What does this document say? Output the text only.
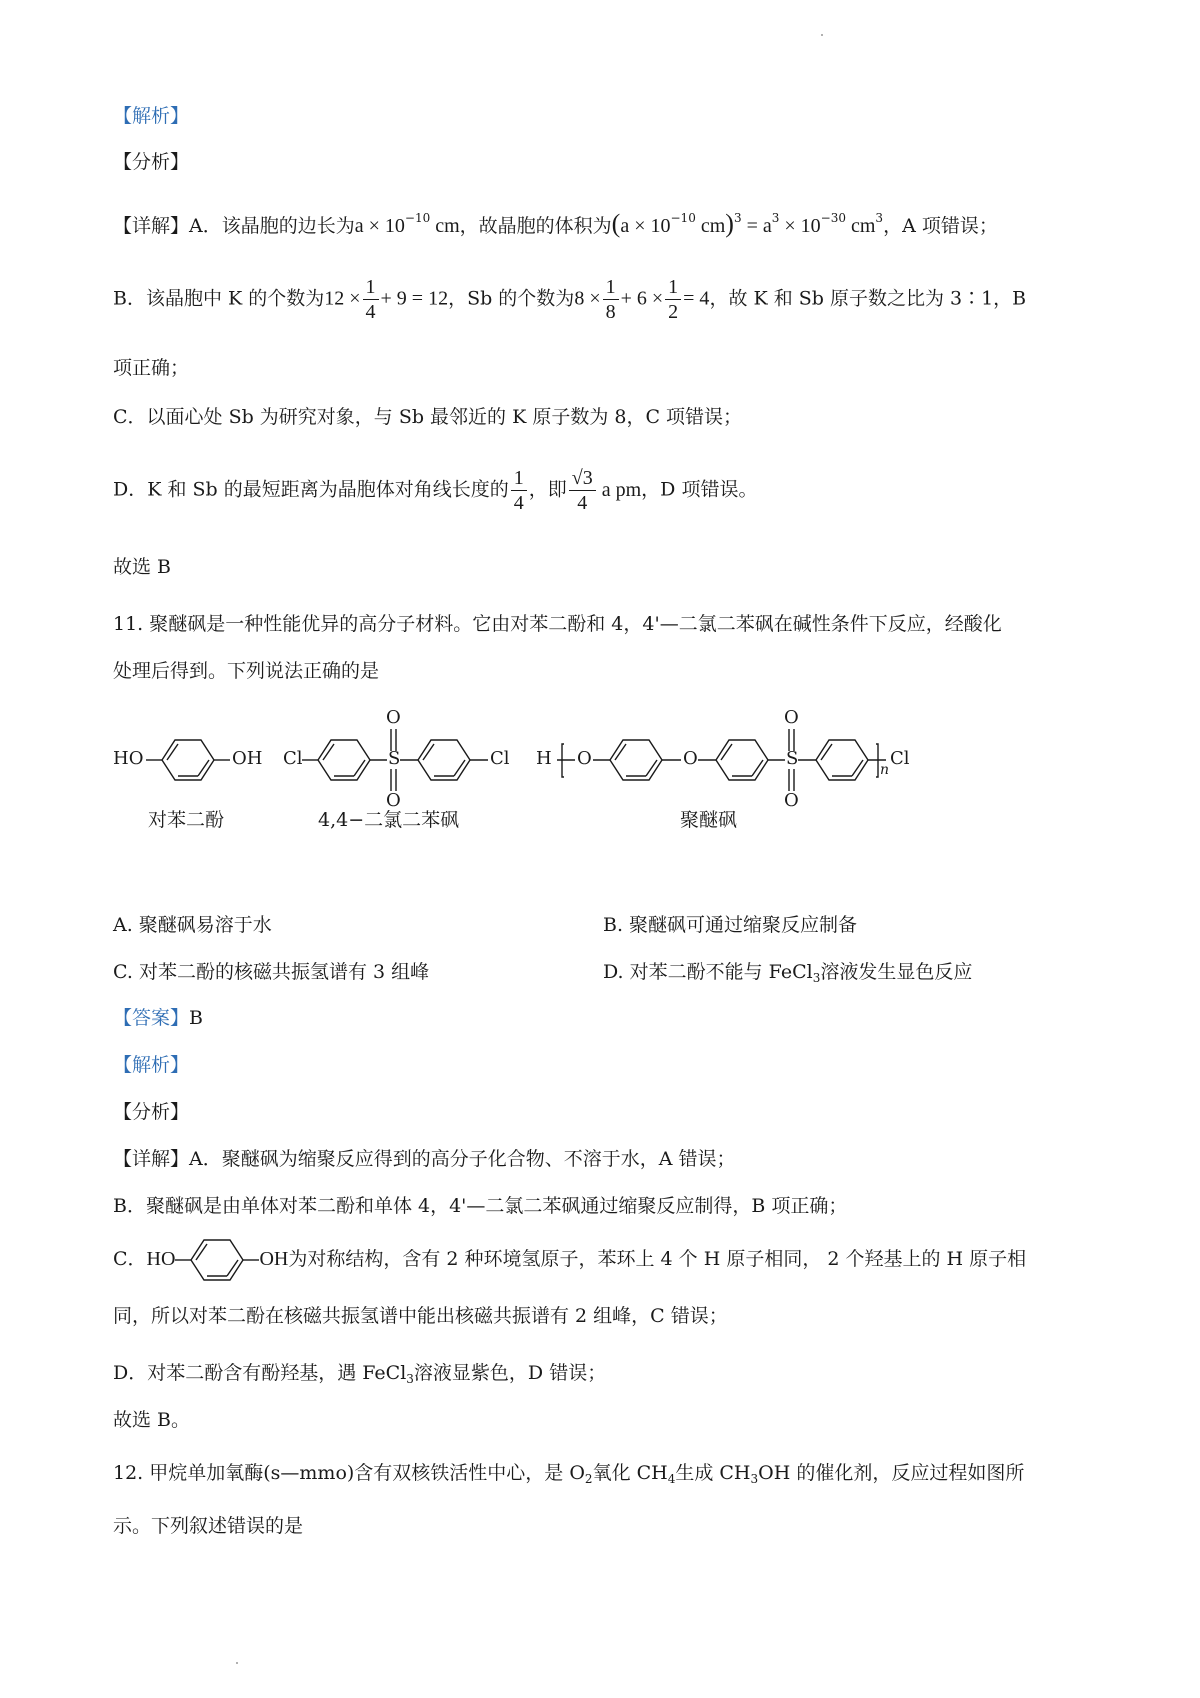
【解析】
【分析】
【详解】A．该晶胞的边长为$a \times 10^{-10}$ cm，故晶胞的体积为($a \times 10^{-10}$ $cm)^3 = a^3 \times 10^{-30}$ $cm^3$，A 项错误；
B．该晶胞中 K 的个数为$12 \times \frac{1}{4} + 9 = 12$，Sb 的个数为$8 \times \frac{1}{8} + 6 \times \frac{1}{2} = 4$，故 K 和 Sb 原子数之比为 3∶1，B
项正确；
C．以面心处 Sb 为研究对象，与 Sb 最邻近的 K 原子数为 8，C 项错误；
D．K 和 Sb 的最短距离为晶胞体对角线长度的 $\frac{1}{4}$ ，即 $\frac{√3}{4}$ a pm，D 项错误。
故选 B
11. 聚醚砜是一种性能优异的高分子材料。它由对苯二酚和 4，4'—二氯二苯砜在碱性条件下反应，经酸化
处理后得到。下列说法正确的是
HO	OH
对苯二酚
Cl	S
O
O
Cl
4,4−二氯二苯砜
H O	O	S
O
O
n
Cl
聚醚砜
A. 聚醚砜易溶于水	B. 聚醚砜可通过缩聚反应制备
C. 对苯二酚的核磁共振氢谱有 3 组峰	D. 对苯二酚不能与 FeCl$_3$溶液发生显色反应
【答案】B
【解析】
【分析】
【详解】A．聚醚砜为缩聚反应得到的高分子化合物、不溶于水，A 错误；
B．聚醚砜是由单体对苯二酚和单体 4，4'—二氯二苯砜通过缩聚反应制得，B 项正确；
C．HO	OH为对称结构，含有 2 种环境氢原子，苯环上 4 个 H 原子相同， 2 个羟基上的 H 原子相
同，所以对苯二酚在核磁共振氢谱中能出核磁共振谱有 2 组峰，C 错误；
D．对苯二酚含有酚羟基，遇 FeCl$_3$溶液显紫色，D 错误；
故选 B。
12. 甲烷单加氧酶(s—mmo)含有双核铁活性中心，是 $O_2$氧化 $CH_4$生成 $CH_3OH$ 的催化剂，反应过程如图所
示。下列叙述错误的是
